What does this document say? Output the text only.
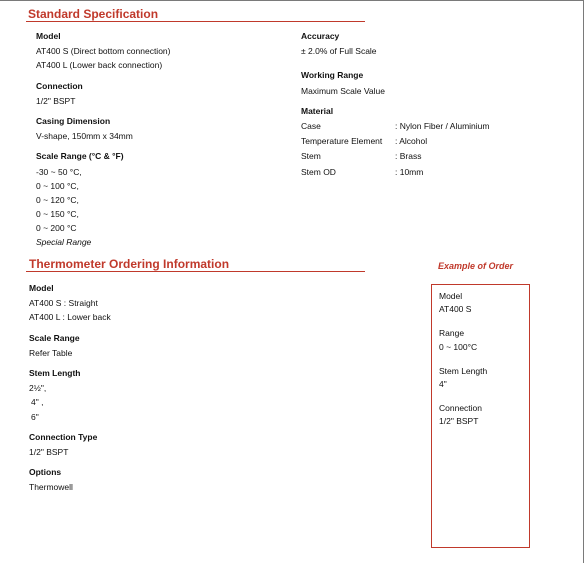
Standard Specification
Model
AT400 S (Direct bottom connection)
AT400 L (Lower back connection)
Connection
1/2" BSPT
Casing Dimension
V-shape, 150mm x 34mm
Scale Range (°C & °F)
-30 ~ 50 °C,
0 ~ 100 °C,
0 ~ 120 °C,
0 ~ 150 °C,
0 ~ 200 °C
Special Range
Accuracy
± 2.0% of Full Scale
Working Range
Maximum Scale Value
Material
Case	: Nylon Fiber / Aluminium
Temperature Element	: Alcohol
Stem	: Brass
Stem OD	: 10mm
Thermometer Ordering Information
Model
AT400 S : Straight
AT400 L : Lower back
Scale Range
Refer Table
Stem Length
2½",
4" ,
6"
Connection Type
1/2" BSPT
Options
Thermowell
Example of Order
Model
AT400 S
Range
0 ~ 100°C
Stem Length
4"
Connection
1/2" BSPT
